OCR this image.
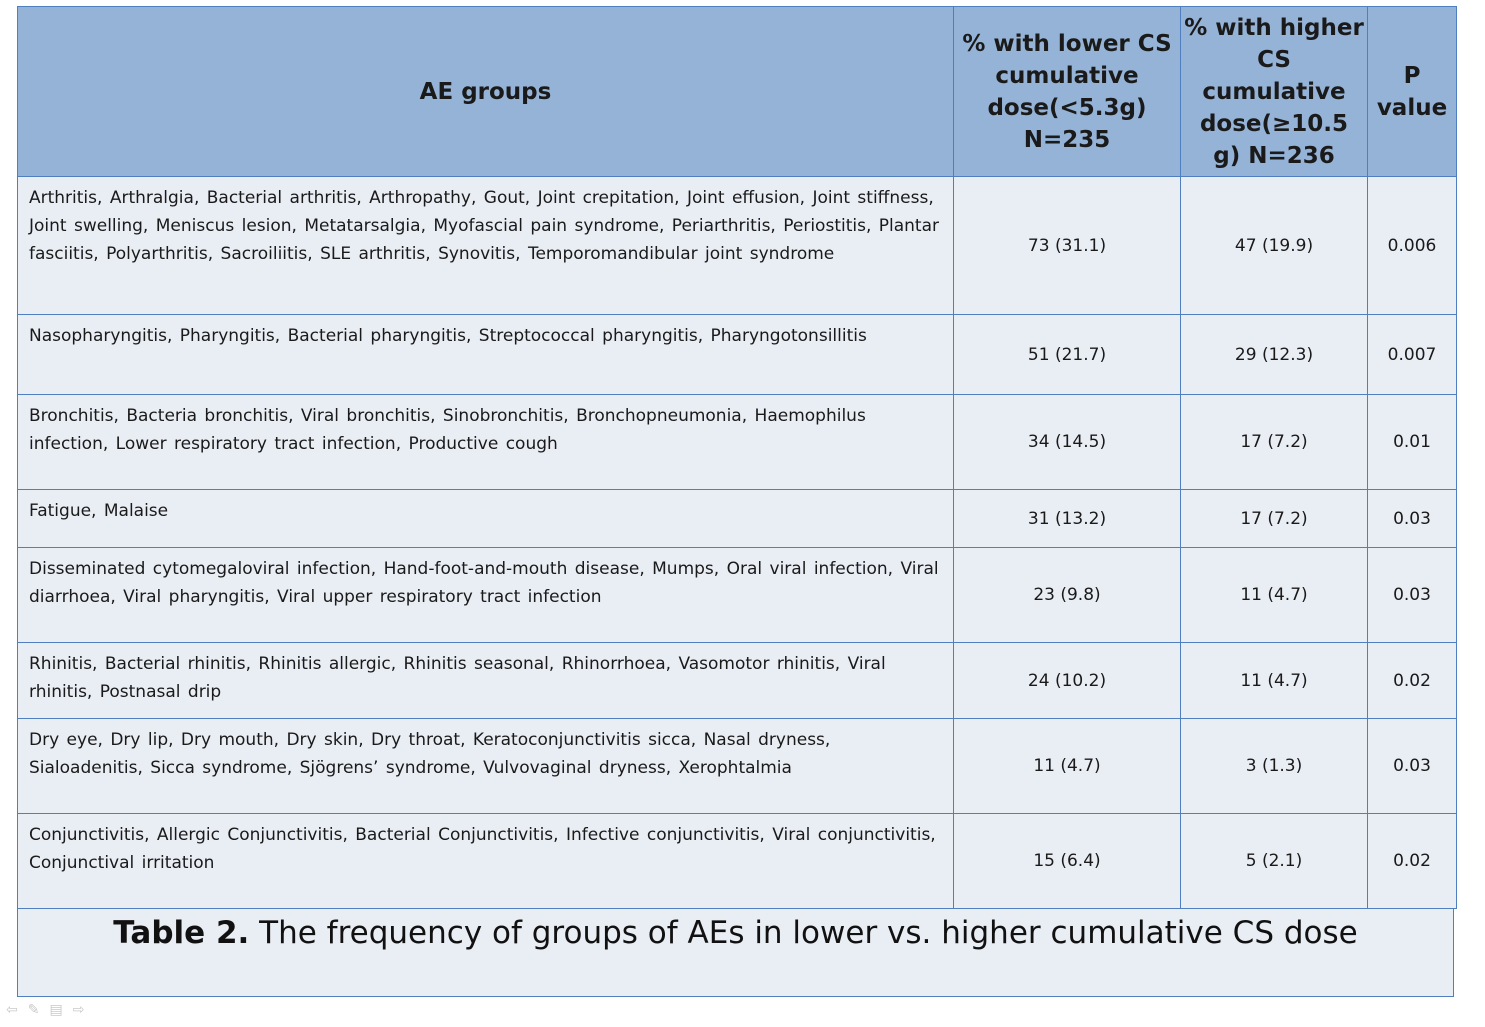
AE groups	% with lower CS cumulative dose(<5.3g) N=235	% with higher CS cumulative dose(≥10.5 g) N=236	P value
Arthritis, Arthralgia, Bacterial arthritis, Arthropathy, Gout, Joint crepitation, Joint effusion, Joint stiffness, Joint swelling, Meniscus lesion, Metatarsalgia, Myofascial pain syndrome, Periarthritis, Periostitis, Plantar fasciitis, Polyarthritis, Sacroiliitis, SLE arthritis, Synovitis, Temporomandibular joint syndrome	73 (31.1)	47 (19.9)	0.006
Nasopharyngitis, Pharyngitis, Bacterial pharyngitis, Streptococcal pharyngitis, Pharyngotonsillitis	51 (21.7)	29 (12.3)	0.007
Bronchitis, Bacteria bronchitis, Viral bronchitis, Sinobronchitis, Bronchopneumonia, Haemophilus infection, Lower respiratory tract infection, Productive cough	34 (14.5)	17 (7.2)	0.01
Fatigue, Malaise	31 (13.2)	17 (7.2)	0.03
Disseminated cytomegaloviral infection, Hand-foot-and-mouth disease, Mumps, Oral viral infection, Viral diarrhoea, Viral pharyngitis, Viral upper respiratory tract infection	23 (9.8)	11 (4.7)	0.03
Rhinitis, Bacterial rhinitis, Rhinitis allergic, Rhinitis seasonal, Rhinorrhoea, Vasomotor rhinitis, Viral rhinitis, Postnasal drip	24 (10.2)	11 (4.7)	0.02
Dry eye, Dry lip, Dry mouth, Dry skin, Dry throat, Keratoconjunctivitis sicca, Nasal dryness, Sialoadenitis, Sicca syndrome, Sjögrens’ syndrome, Vulvovaginal dryness, Xerophtalmia	11 (4.7)	3 (1.3)	0.03
Conjunctivitis, Allergic Conjunctivitis, Bacterial Conjunctivitis, Infective conjunctivitis, Viral conjunctivitis, Conjunctival irritation	15 (6.4)	5 (2.1)	0.02
Table 2. The frequency of groups of AEs in lower vs. higher cumulative CS dose
⇦ ✎ ▤ ⇨
